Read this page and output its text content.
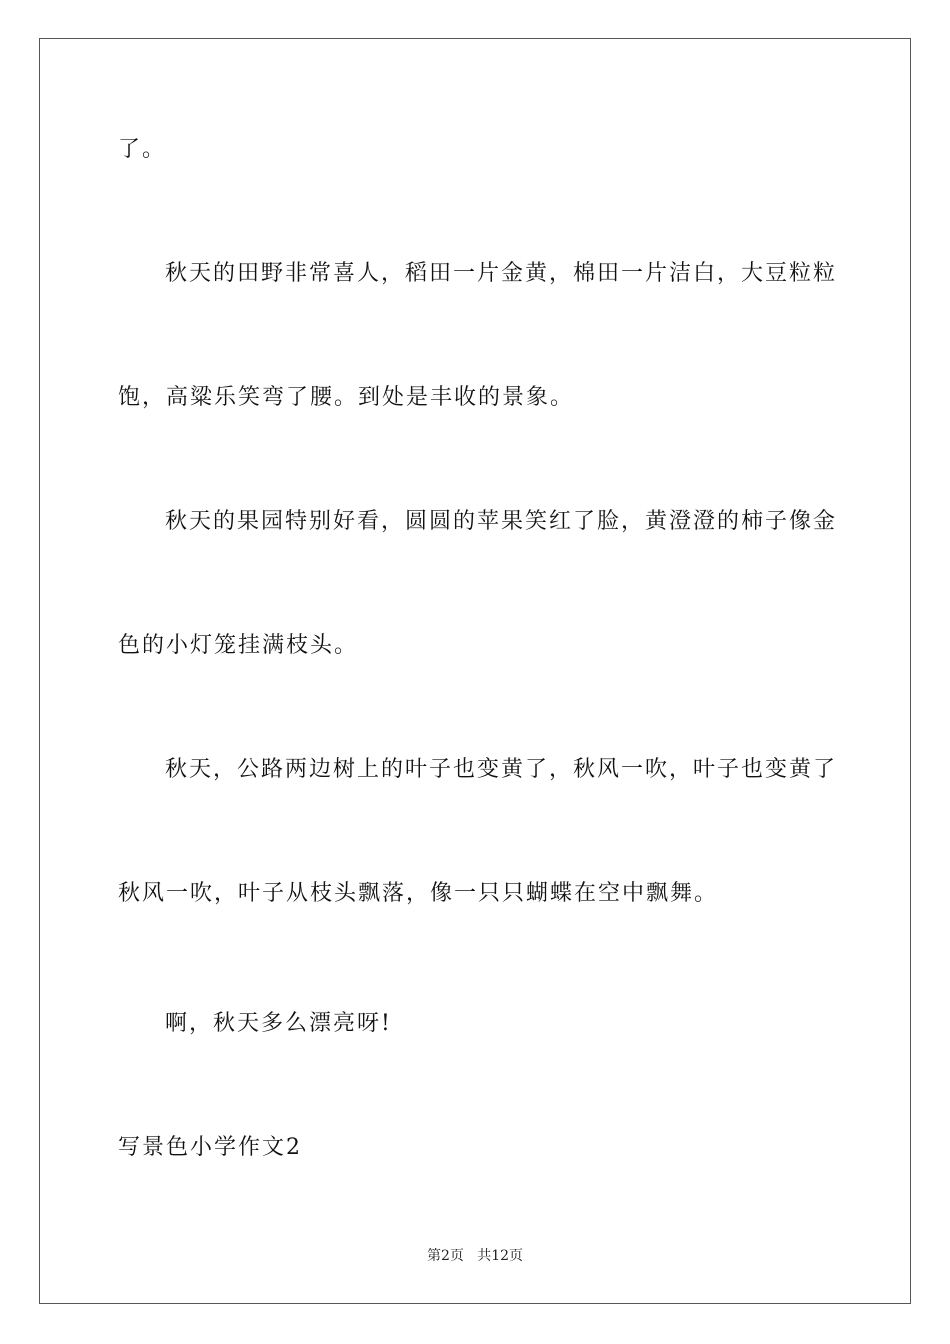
了。
秋天的田野非常喜人，稻田一片金黄，棉田一片洁白，大豆粒粒
饱，高粱乐笑弯了腰。到处是丰收的景象。
秋天的果园特别好看，圆圆的苹果笑红了脸，黄澄澄的柿子像金
色的小灯笼挂满枝头。
秋天，公路两边树上的叶子也变黄了，秋风一吹，叶子也变黄了
秋风一吹，叶子从枝头飘落，像一只只蝴蝶在空中飘舞。
啊，秋天多么漂亮呀!
写景色小学作文2
第2页   共12页
